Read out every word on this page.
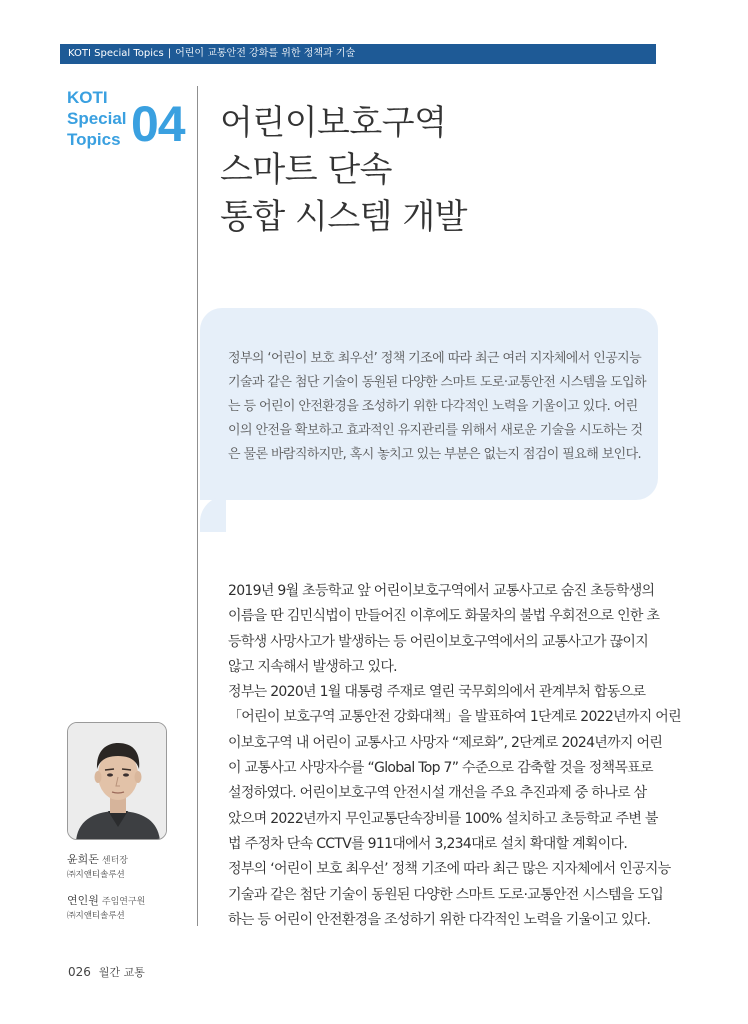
KOTI Special Topics | 어린이 교통안전 강화를 위한 정책과 기술
KOTI
Special
Topics 04 어린이보호구역
스마트 단속
통합 시스템 개발
정부의 ‘어린이 보호 최우선’ 정책 기조에 따라 최근 여러 지자체에서 인공지능
기술과 같은 첨단 기술이 동원된 다양한 스마트 도로·교통안전 시스템을 도입하
는 등 어린이 안전환경을 조성하기 위한 다각적인 노력을 기울이고 있다. 어린
이의 안전을 확보하고 효과적인 유지관리를 위해서 새로운 기술을 시도하는 것
은 물론 바람직하지만, 혹시 놓치고 있는 부분은 없는지 점검이 필요해 보인다.
2019년 9월 초등학교 앞 어린이보호구역에서 교통사고로 숨진 초등학생의
이름을 딴 김민식법이 만들어진 이후에도 화물차의 불법 우회전으로 인한 초
등학생 사망사고가 발생하는 등 어린이보호구역에서의 교통사고가 끊이지
않고 지속해서 발생하고 있다.
정부는 2020년 1월 대통령 주재로 열린 국무회의에서 관계부처 합동으로
「어린이 보호구역 교통안전 강화대책」을 발표하여 1단계로 2022년까지 어린
이보호구역 내 어린이 교통사고 사망자 “제로화”, 2단계로 2024년까지 어린
이 교통사고 사망자수를 “Global Top 7” 수준으로 감축할 것을 정책목표로
설정하였다. 어린이보호구역 안전시설 개선을 주요 추진과제 중 하나로 삼
았으며 2022년까지 무인교통단속장비를 100% 설치하고 초등학교 주변 불
법 주정차 단속 CCTV를 911대에서 3,234대로 설치 확대할 계획이다.
정부의 ‘어린이 보호 최우선’ 정책 기조에 따라 최근 많은 지자체에서 인공지능
기술과 같은 첨단 기술이 동원된 다양한 스마트 도로·교통안전 시스템을 도입
하는 등 어린이 안전환경을 조성하기 위한 다각적인 노력을 기울이고 있다.
윤희돈 센터장
㈜지앤티솔루션
연인원 주임연구원
㈜지앤티솔루션
026 월간 교통
